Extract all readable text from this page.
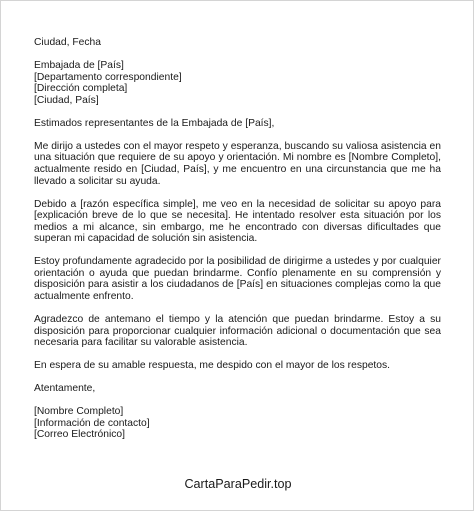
Ciudad, Fecha

Embajada de [País]
[Departamento correspondiente]
[Dirección completa]
[Ciudad, País]

Estimados representantes de la Embajada de [País],

Me dirijo a ustedes con el mayor respeto y esperanza, buscando su valiosa asistencia en una situación que requiere de su apoyo y orientación. Mi nombre es [Nombre Completo], actualmente resido en [Ciudad, País], y me encuentro en una circunstancia que me ha llevado a solicitar su ayuda.

Debido a [razón específica simple], me veo en la necesidad de solicitar su apoyo para [explicación breve de lo que se necesita]. He intentado resolver esta situación por los medios a mi alcance, sin embargo, me he encontrado con diversas dificultades que superan mi capacidad de solución sin asistencia.

Estoy profundamente agradecido por la posibilidad de dirigirme a ustedes y por cualquier orientación o ayuda que puedan brindarme. Confío plenamente en su comprensión y disposición para asistir a los ciudadanos de [País] en situaciones complejas como la que actualmente enfrento.

Agradezco de antemano el tiempo y la atención que puedan brindarme. Estoy a su disposición para proporcionar cualquier información adicional o documentación que sea necesaria para facilitar su valorable asistencia.

En espera de su amable respuesta, me despido con el mayor de los respetos.

Atentamente,

[Nombre Completo]
[Información de contacto]
[Correo Electrónico]

CartaParaPedir.top
